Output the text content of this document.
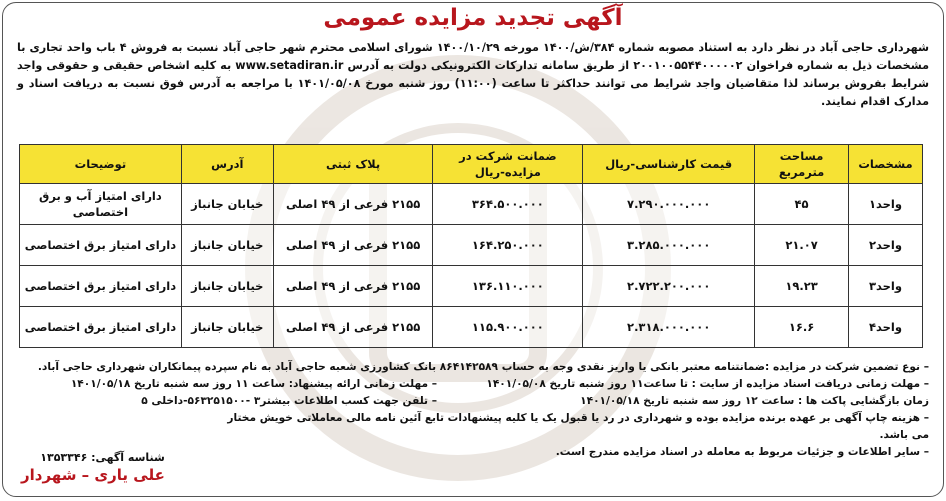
آگهی تجدید مزایده عمومی
شهرداری حاجی آباد در نظر دارد به استناد مصوبه شماره ۳۸۴/ش/۱۴۰۰ مورخه ۱۴۰۰/۱۰/۲۹ شورای اسلامی محترم شهر حاجی آباد نسبت به فروش ۴ باب واحد تجاری با مشخصات ذیل به شماره فراخوان ۲۰۰۱۰۰۵۵۴۴۰۰۰۰۰۲ از طریق سامانه تدارکات الکترونیکی دولت به آدرس www.setadiran.ir به کلیه اشخاص حقیقی و حقوقی واجد شرایط بفروش برساند لذا متقاضیان واجد شرایط می توانند حداکثر تا ساعت (۱۱:۰۰) روز شنبه مورخ ۱۴۰۱/۰۵/۰۸ با مراجعه به آدرس فوق نسبت به دریافت اسناد و مدارک اقدام نمایند.
مشخصات	مساحت مترمربع	قیمت کارشناسی-ریال	ضمانت شرکت در مزایده-ریال	پلاک ثبتی	آدرس	توضیحات
واحد۱	۴۵	۷.۲۹۰.۰۰۰.۰۰۰	۳۶۴.۵۰۰.۰۰۰	۲۱۵۵ فرعی از ۴۹ اصلی	خیابان جانباز	دارای امتیاز آب و برق اختصاصی
واحد۲	۲۱.۰۷	۳.۲۸۵.۰۰۰.۰۰۰	۱۶۴.۲۵۰.۰۰۰	۲۱۵۵ فرعی از ۴۹ اصلی	خیابان جانباز	دارای امتیاز برق اختصاصی
واحد۳	۱۹.۲۳	۲.۷۲۲.۲۰۰.۰۰۰	۱۳۶.۱۱۰.۰۰۰	۲۱۵۵ فرعی از ۴۹ اصلی	خیابان جانباز	دارای امتیاز برق اختصاصی
واحد۴	۱۶.۶	۲.۳۱۸.۰۰۰.۰۰۰	۱۱۵.۹۰۰.۰۰۰	۲۱۵۵ فرعی از ۴۹ اصلی	خیابان جانباز	دارای امتیاز برق اختصاصی
– نوع تضمین شرکت در مزایده :ضمانتنامه معتبر بانکی یا واریز نقدی وجه به حساب ۸۶۴۱۴۲۵۸۹ بانک کشاورزی شعبه حاجی آباد به نام سپرده پیمانکاران شهرداری حاجی آباد.
– مهلت زمانی دریافت اسناد مزایده از سایت : تا ساعت۱۱ روز شنبه تاریخ ۱۴۰۱/۰۵/۰۸
– مهلت زمانی ارائه پیشنهاد: ساعت ۱۱ روز سه شنبه تاریخ ۱۴۰۱/۰۵/۱۸
زمان بازگشایی پاکت ها : ساعت ۱۲ روز سه شنبه تاریخ ۱۴۰۱/۰۵/۱۸
– تلفن جهت کسب اطلاعات بیشتر۳ -۵۶۳۲۵۱۵۰۰-داخلی ۵
– هزینه چاپ آگهی بر عهده برنده مزایده بوده و شهرداری در رد یا قبول یک یا کلیه پیشنهادات تابع آئین نامه مالی معاملاتی خویش مختار می باشد.
– سایر اطلاعات و جزئیات مربوط به معامله در اسناد مزایده مندرج است.
شناسه آگهی: ۱۳۵۳۳۴۶
علی یاری – شهردار
